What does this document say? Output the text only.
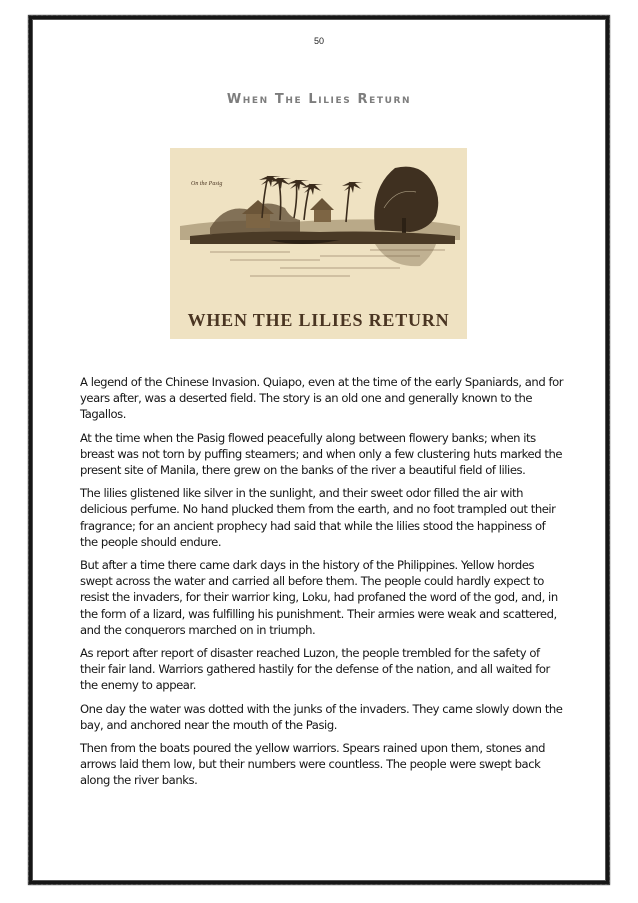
50
When The Lilies Return
On the Pasig
WHEN THE LILIES RETURN

A legend of the Chinese Invasion. Quiapo, even at the time of the early Spaniards, and for years after, was a deserted field. The story is an old one and generally known to the Tagallos.

At the time when the Pasig flowed peacefully along between flowery banks; when its breast was not torn by puffing steamers; and when only a few clustering huts marked the present site of Manila, there grew on the banks of the river a beautiful field of lilies.

The lilies glistened like silver in the sunlight, and their sweet odor filled the air with delicious perfume. No hand plucked them from the earth, and no foot trampled out their fragrance; for an ancient prophecy had said that while the lilies stood the happiness of the people should endure.

But after a time there came dark days in the history of the Philippines. Yellow hordes swept across the water and carried all before them. The people could hardly expect to resist the invaders, for their warrior king, Loku, had profaned the word of the god, and, in the form of a lizard, was fulfilling his punishment. Their armies were weak and scattered, and the conquerors marched on in triumph.

As report after report of disaster reached Luzon, the people trembled for the safety of their fair land. Warriors gathered hastily for the defense of the nation, and all waited for the enemy to appear.

One day the water was dotted with the junks of the invaders. They came slowly down the bay, and anchored near the mouth of the Pasig.

Then from the boats poured the yellow warriors. Spears rained upon them, stones and arrows laid them low, but their numbers were countless. The people were swept back along the river banks.
